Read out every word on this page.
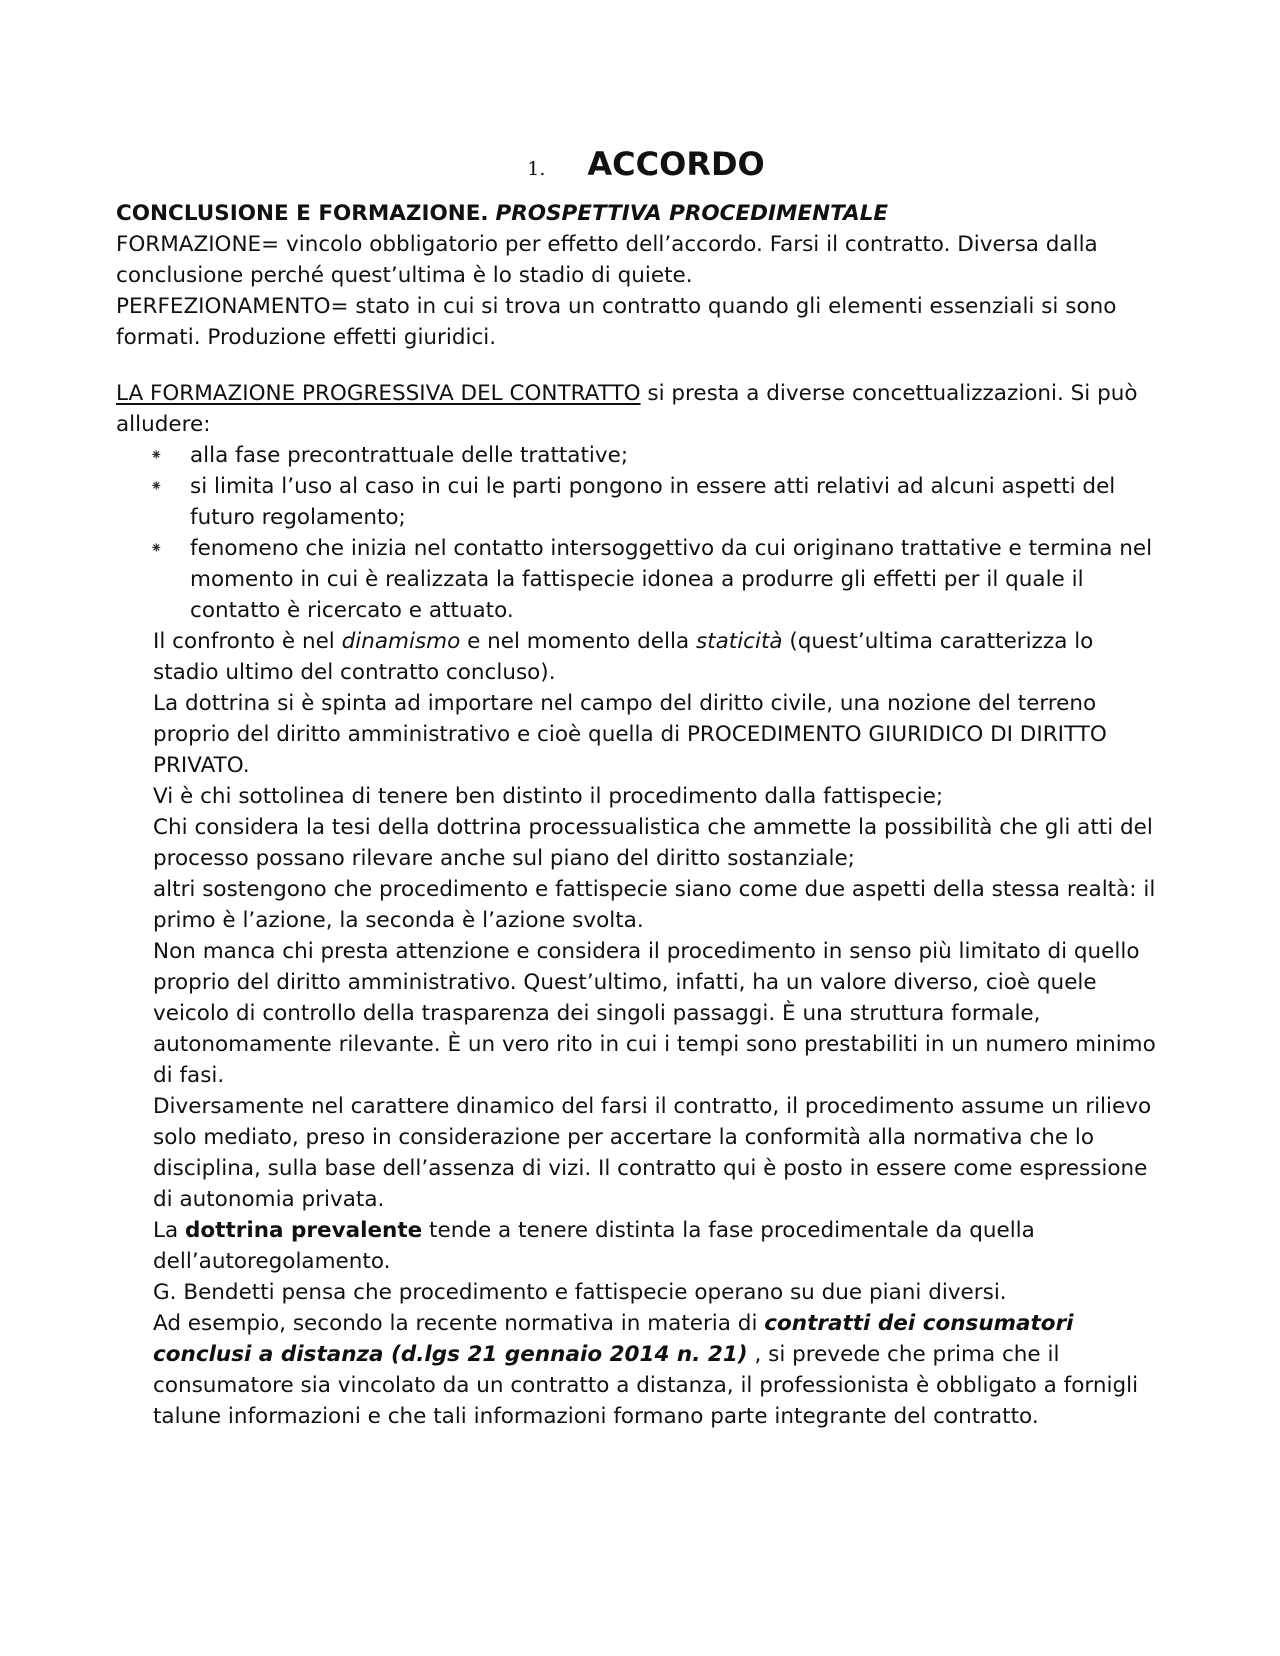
1. ACCORDO

CONCLUSIONE E FORMAZIONE. PROSPETTIVA PROCEDIMENTALE

FORMAZIONE= vincolo obbligatorio per effetto dell’accordo. Farsi il contratto. Diversa dalla conclusione perché quest’ultima è lo stadio di quiete.

PERFEZIONAMENTO= stato in cui si trova un contratto quando gli elementi essenziali si sono formati. Produzione effetti giuridici.

LA FORMAZIONE PROGRESSIVA DEL CONTRATTO si presta a diverse concettualizzazioni. Si può alludere:

⁕ alla fase precontrattuale delle trattative;
⁕ si limita l’uso al caso in cui le parti pongono in essere atti relativi ad alcuni aspetti del futuro regolamento;
⁕ fenomeno che inizia nel contatto intersoggettivo da cui originano trattative e termina nel momento in cui è realizzata la fattispecie idonea a produrre gli effetti per il quale il contatto è ricercato e attuato.

Il confronto è nel dinamismo e nel momento della staticità (quest’ultima caratterizza lo stadio ultimo del contratto concluso).

La dottrina si è spinta ad importare nel campo del diritto civile, una nozione del terreno proprio del diritto amministrativo e cioè quella di PROCEDIMENTO GIURIDICO DI DIRITTO PRIVATO.

Vi è chi sottolinea di tenere ben distinto il procedimento dalla fattispecie;

Chi considera la tesi della dottrina processualistica che ammette la possibilità che gli atti del processo possano rilevare anche sul piano del diritto sostanziale;

altri sostengono che procedimento e fattispecie siano come due aspetti della stessa realtà: il primo è l’azione, la seconda è l’azione svolta.

Non manca chi presta attenzione e considera il procedimento in senso più limitato di quello proprio del diritto amministrativo. Quest’ultimo, infatti, ha un valore diverso, cioè quele veicolo di controllo della trasparenza dei singoli passaggi. È una struttura formale, autonomamente rilevante. È un vero rito in cui i tempi sono prestabiliti in un numero minimo di fasi.

Diversamente nel carattere dinamico del farsi il contratto, il procedimento assume un rilievo solo mediato, preso in considerazione per accertare la conformità alla normativa che lo disciplina, sulla base dell’assenza di vizi. Il contratto qui è posto in essere come espressione di autonomia privata.

La dottrina prevalente tende a tenere distinta la fase procedimentale da quella dell’autoregolamento.

G. Bendetti pensa che procedimento e fattispecie operano su due piani diversi.

Ad esempio, secondo la recente normativa in materia di contratti dei consumatori conclusi a distanza (d.lgs 21 gennaio 2014 n. 21) , si prevede che prima che il consumatore sia vincolato da un contratto a distanza, il professionista è obbligato a fornigli talune informazioni e che tali informazioni formano parte integrante del contratto.
